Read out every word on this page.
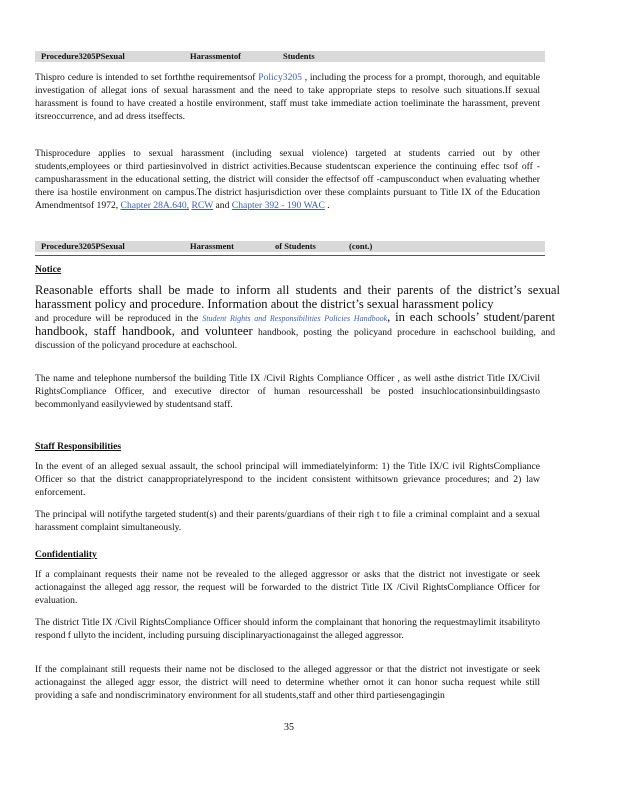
Procedure3205PSexual

	Harassmentof

	Students

Thispro cedure is intended to set forththe requirementsof Policy3205 , including the process for a prompt, thorough, and equitable investigation of allegat ions of sexual harassment and the need to take appropriate steps to resolve such situations.If sexual harassment is found to have created a hostile environment, staff must take immediate action toeliminate the harassment, prevent itsreoccurrence, and ad dress itseffects.
Thisprocedure applies to sexual harassment (including sexual violence) targeted at students carried out by other students,employees or third partiesinvolved in district activities.Because studentscan experience the continuing effec tsof off -campusharassment in the educational setting, the district will consider the effectsof off -campusconduct when evaluating whether there isa hostile environment on campus.The district hasjurisdiction over these complaints pursuant to Title IX of the Education Amendmentsof 1972, Chapter 28A.640, RCW and Chapter 392 - 190 WAC .

Procedure3205PSexual

	Harassment

	of Students

	(cont.)

Notice
Reasonable efforts shall be made to inform all students and their parents of the district’s sexual harassment policy and procedure. Information about the district’s sexual harassment policy
and procedure will be reproduced in the Student Rights and Responsibilities Policies Handbook, in each schools’ student/parent handbook, staff handbook, and volunteer handbook, posting the policyand procedure in eachschool building, and discussion of the policyand procedure at eachschool.
The name and telephone numbersof the building Title IX /Civil Rights Compliance Officer , as well asthe district Title IX/Civil RightsCompliance Officer, and executive director of human resourcesshall be posted insuchlocationsinbuildingsasto becommonlyand easilyviewed by studentsand staff.
Staff Responsibilities
In the event of an alleged sexual assault, the school principal will immediatelyinform: 1) the Title IX/C ivil RightsCompliance Officer so that the district canappropriatelyrespond to the incident consistent withitsown grievance procedures; and 2) law enforcement.
The principal will notifythe targeted student(s) and their parents/guardians of their righ t to file a criminal complaint and a sexual harassment complaint simultaneously.
Confidentiality
If a complainant requests their name not be revealed to the alleged aggressor or asks that the district not investigate or seek actionagainst the alleged agg ressor, the request will be forwarded to the district Title IX /Civil RightsCompliance Officer for evaluation.
The district Title IX /Civil RightsCompliance Officer should inform the complainant that honoring the requestmaylimit itsabilityto respond f ullyto the incident, including pursuing disciplinaryactionagainst the alleged aggressor.
If the complainant still requests their name not be disclosed to the alleged aggressor or that the district not investigate or seek actionagainst the alleged aggr essor, the district will need to determine whether ornot it can honor sucha request while still providing a safe and nondiscriminatory environment for all students,staff and other third partiesengagingin
35
